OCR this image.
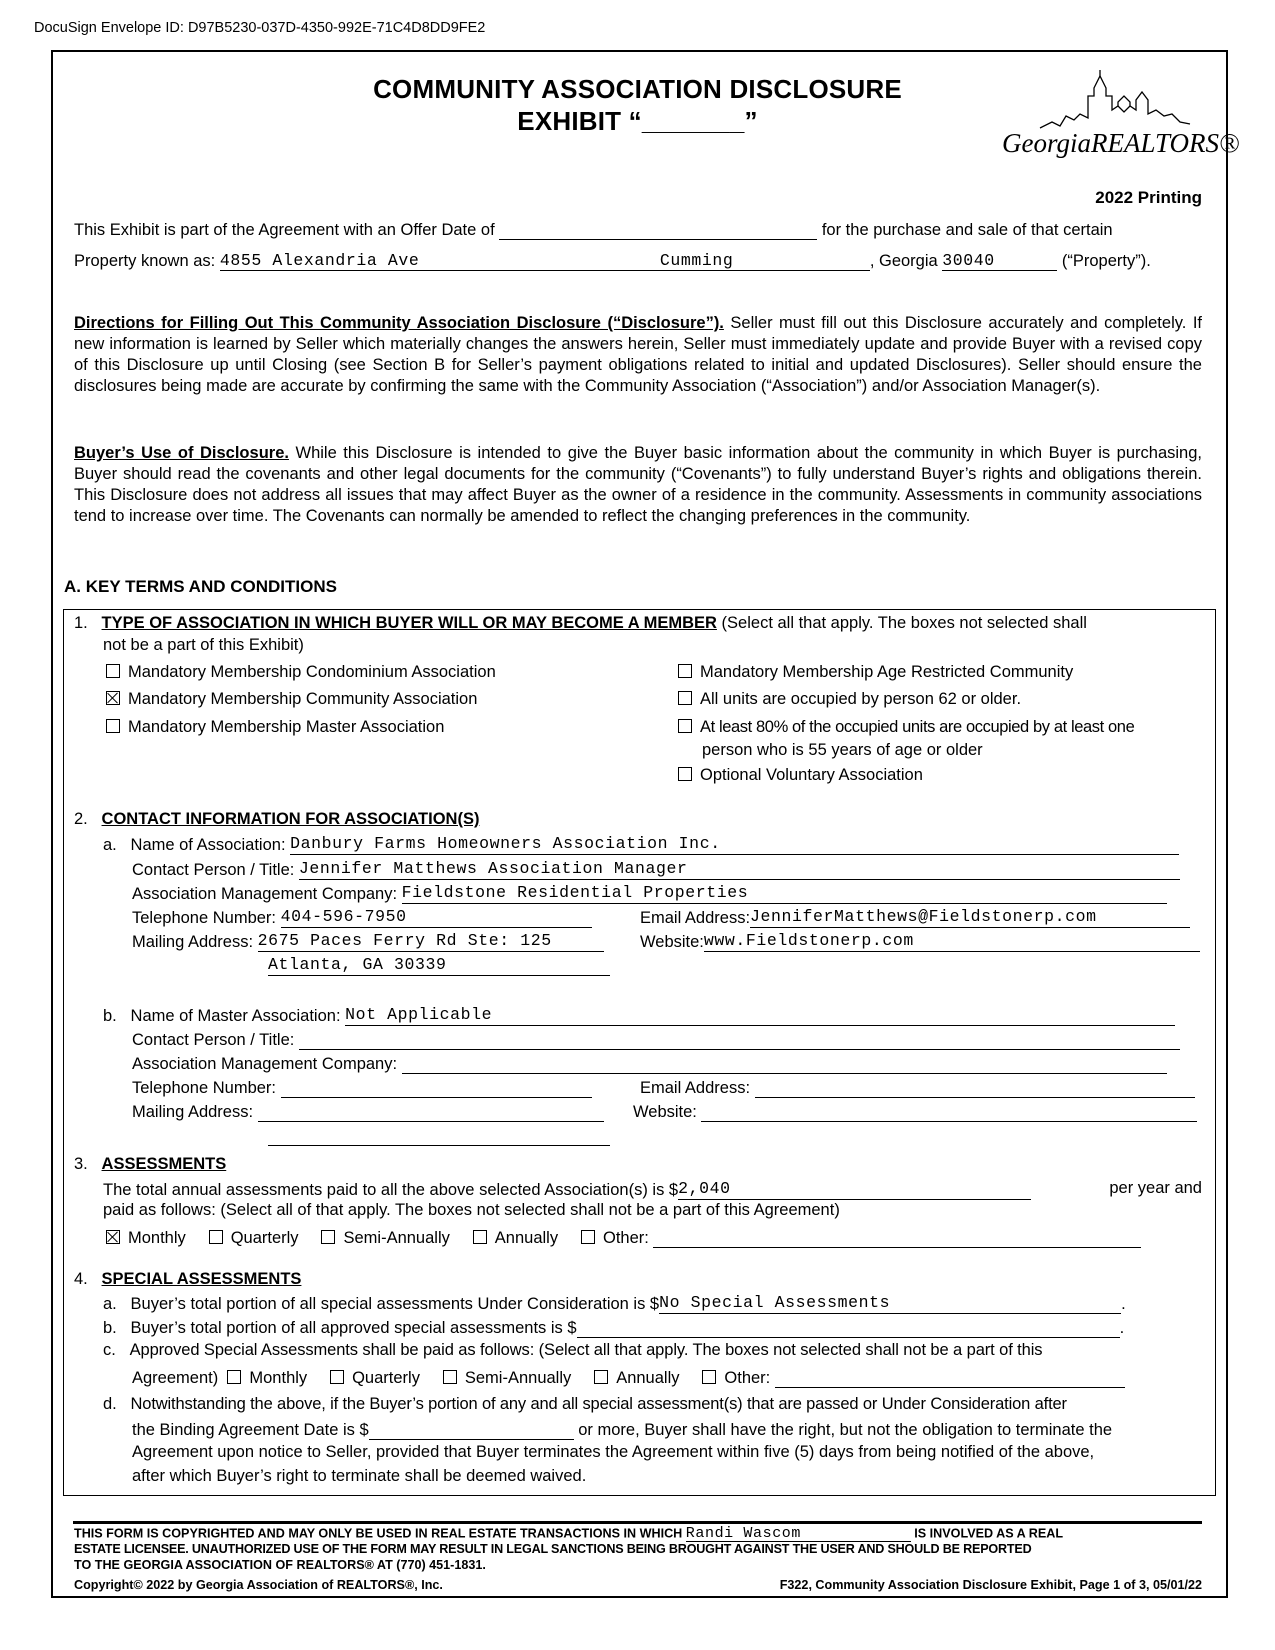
DocuSign Envelope ID: D97B5230-037D-4350-992E-71C4D8DD9FE2
COMMUNITY ASSOCIATION DISCLOSURE
EXHIBIT “_______”
GeorgiaREALTORS®
2022 Printing
This Exhibit is part of the Agreement with an Offer Date of	for the purchase and sale of that certain
Property known as: 4855 Alexandria Ave	Cumming	, Georgia 30040	(“Property”).
Directions for Filling Out This Community Association Disclosure (“Disclosure”). Seller must fill out this Disclosure accurately and completely. If new information is learned by Seller which materially changes the answers herein, Seller must immediately update and provide Buyer with a revised copy of this Disclosure up until Closing (see Section B for Seller’s payment obligations related to initial and updated Disclosures). Seller should ensure the disclosures being made are accurate by confirming the same with the Community Association (“Association”) and/or Association Manager(s).
Buyer’s Use of Disclosure. While this Disclosure is intended to give the Buyer basic information about the community in which Buyer is purchasing, Buyer should read the covenants and other legal documents for the community (“Covenants”) to fully understand Buyer’s rights and obligations therein. This Disclosure does not address all issues that may affect Buyer as the owner of a residence in the community. Assessments in community associations tend to increase over time. The Covenants can normally be amended to reflect the changing preferences in the community.
A. KEY TERMS AND CONDITIONS
1. TYPE OF ASSOCIATION IN WHICH BUYER WILL OR MAY BECOME A MEMBER (Select all that apply. The boxes not selected shall
not be a part of this Exhibit)
Mandatory Membership Condominium Association
Mandatory Membership Community Association
Mandatory Membership Master Association
Mandatory Membership Age Restricted Community
All units are occupied by person 62 or older.
At least 80% of the occupied units are occupied by at least one
person who is 55 years of age or older
Optional Voluntary Association
2. CONTACT INFORMATION FOR ASSOCIATION(S)
a. Name of Association: Danbury Farms Homeowners Association Inc.
Contact Person / Title: Jennifer Matthews Association Manager
Association Management Company: Fieldstone Residential Properties
Telephone Number: 404-596-7950	Email Address:JenniferMatthews@Fieldstonerp.com
Mailing Address: 2675 Paces Ferry Rd Ste: 125	Website:www.Fieldstonerp.com
Atlanta, GA 30339
b. Name of Master Association: Not Applicable
Contact Person / Title:
Association Management Company:
Telephone Number:	Email Address:
Mailing Address:	Website:
3. ASSESSMENTS
The total annual assessments paid to all the above selected Association(s) is $2,040	per year and
paid as follows: (Select all of that apply. The boxes not selected shall not be a part of this Agreement)
Monthly	Quarterly	Semi-Annually	Annually	Other:
4. SPECIAL ASSESSMENTS
a. Buyer’s total portion of all special assessments Under Consideration is $No Special Assessments	.
b. Buyer’s total portion of all approved special assessments is $	.
c. Approved Special Assessments shall be paid as follows: (Select all that apply. The boxes not selected shall not be a part of this
Agreement) Monthly	Quarterly	Semi-Annually	Annually	Other:
d. Notwithstanding the above, if the Buyer’s portion of any and all special assessment(s) that are passed or Under Consideration after
the Binding Agreement Date is $	or more, Buyer shall have the right, but not the obligation to terminate the
Agreement upon notice to Seller, provided that Buyer terminates the Agreement within five (5) days from being notified of the above,
after which Buyer’s right to terminate shall be deemed waived.
THIS FORM IS COPYRIGHTED AND MAY ONLY BE USED IN REAL ESTATE TRANSACTIONS IN WHICH Randi Wascom	IS INVOLVED AS A REAL
ESTATE LICENSEE. UNAUTHORIZED USE OF THE FORM MAY RESULT IN LEGAL SANCTIONS BEING BROUGHT AGAINST THE USER AND SHOULD BE REPORTED
TO THE GEORGIA ASSOCIATION OF REALTORS® AT (770) 451-1831.
Copyright© 2022 by Georgia Association of REALTORS®, Inc.	F322, Community Association Disclosure Exhibit, Page 1 of 3, 05/01/22
